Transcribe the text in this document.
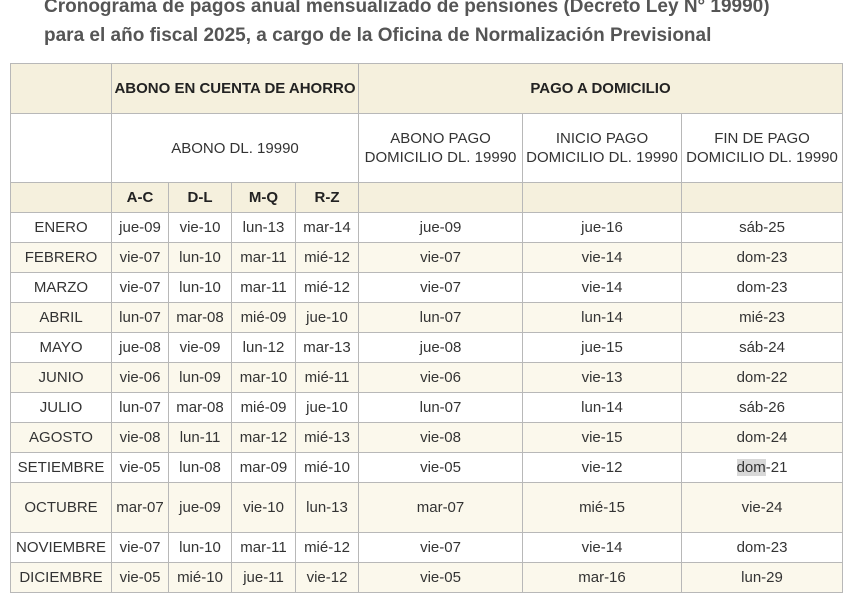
Cronograma de pagos anual mensualizado de pensiones (Decreto Ley N° 19990)
para el año fiscal 2025, a cargo de la Oficina de Normalización Previsional
	ABONO EN CUENTA DE AHORRO				PAGO A DOMICILIO		
	ABONO DL. 19990				ABONO PAGO DOMICILIO DL. 19990	INICIO PAGO DOMICILIO DL. 19990	FIN DE PAGO DOMICILIO DL. 19990
	A-C	D-L	M-Q	R-Z			
ENERO	jue-09	vie-10	lun-13	mar-14	jue-09	jue-16	sáb-25
FEBRERO	vie-07	lun-10	mar-11	mié-12	vie-07	vie-14	dom-23
MARZO	vie-07	lun-10	mar-11	mié-12	vie-07	vie-14	dom-23
ABRIL	lun-07	mar-08	mié-09	jue-10	lun-07	lun-14	mié-23
MAYO	jue-08	vie-09	lun-12	mar-13	jue-08	jue-15	sáb-24
JUNIO	vie-06	lun-09	mar-10	mié-11	vie-06	vie-13	dom-22
JULIO	lun-07	mar-08	mié-09	jue-10	lun-07	lun-14	sáb-26
AGOSTO	vie-08	lun-11	mar-12	mié-13	vie-08	vie-15	dom-24
SETIEMBRE	vie-05	lun-08	mar-09	mié-10	vie-05	vie-12	dom-21
OCTUBRE	mar-07	jue-09	vie-10	lun-13	mar-07	mié-15	vie-24
NOVIEMBRE	vie-07	lun-10	mar-11	mié-12	vie-07	vie-14	dom-23
DICIEMBRE	vie-05	mié-10	jue-11	vie-12	vie-05	mar-16	lun-29
